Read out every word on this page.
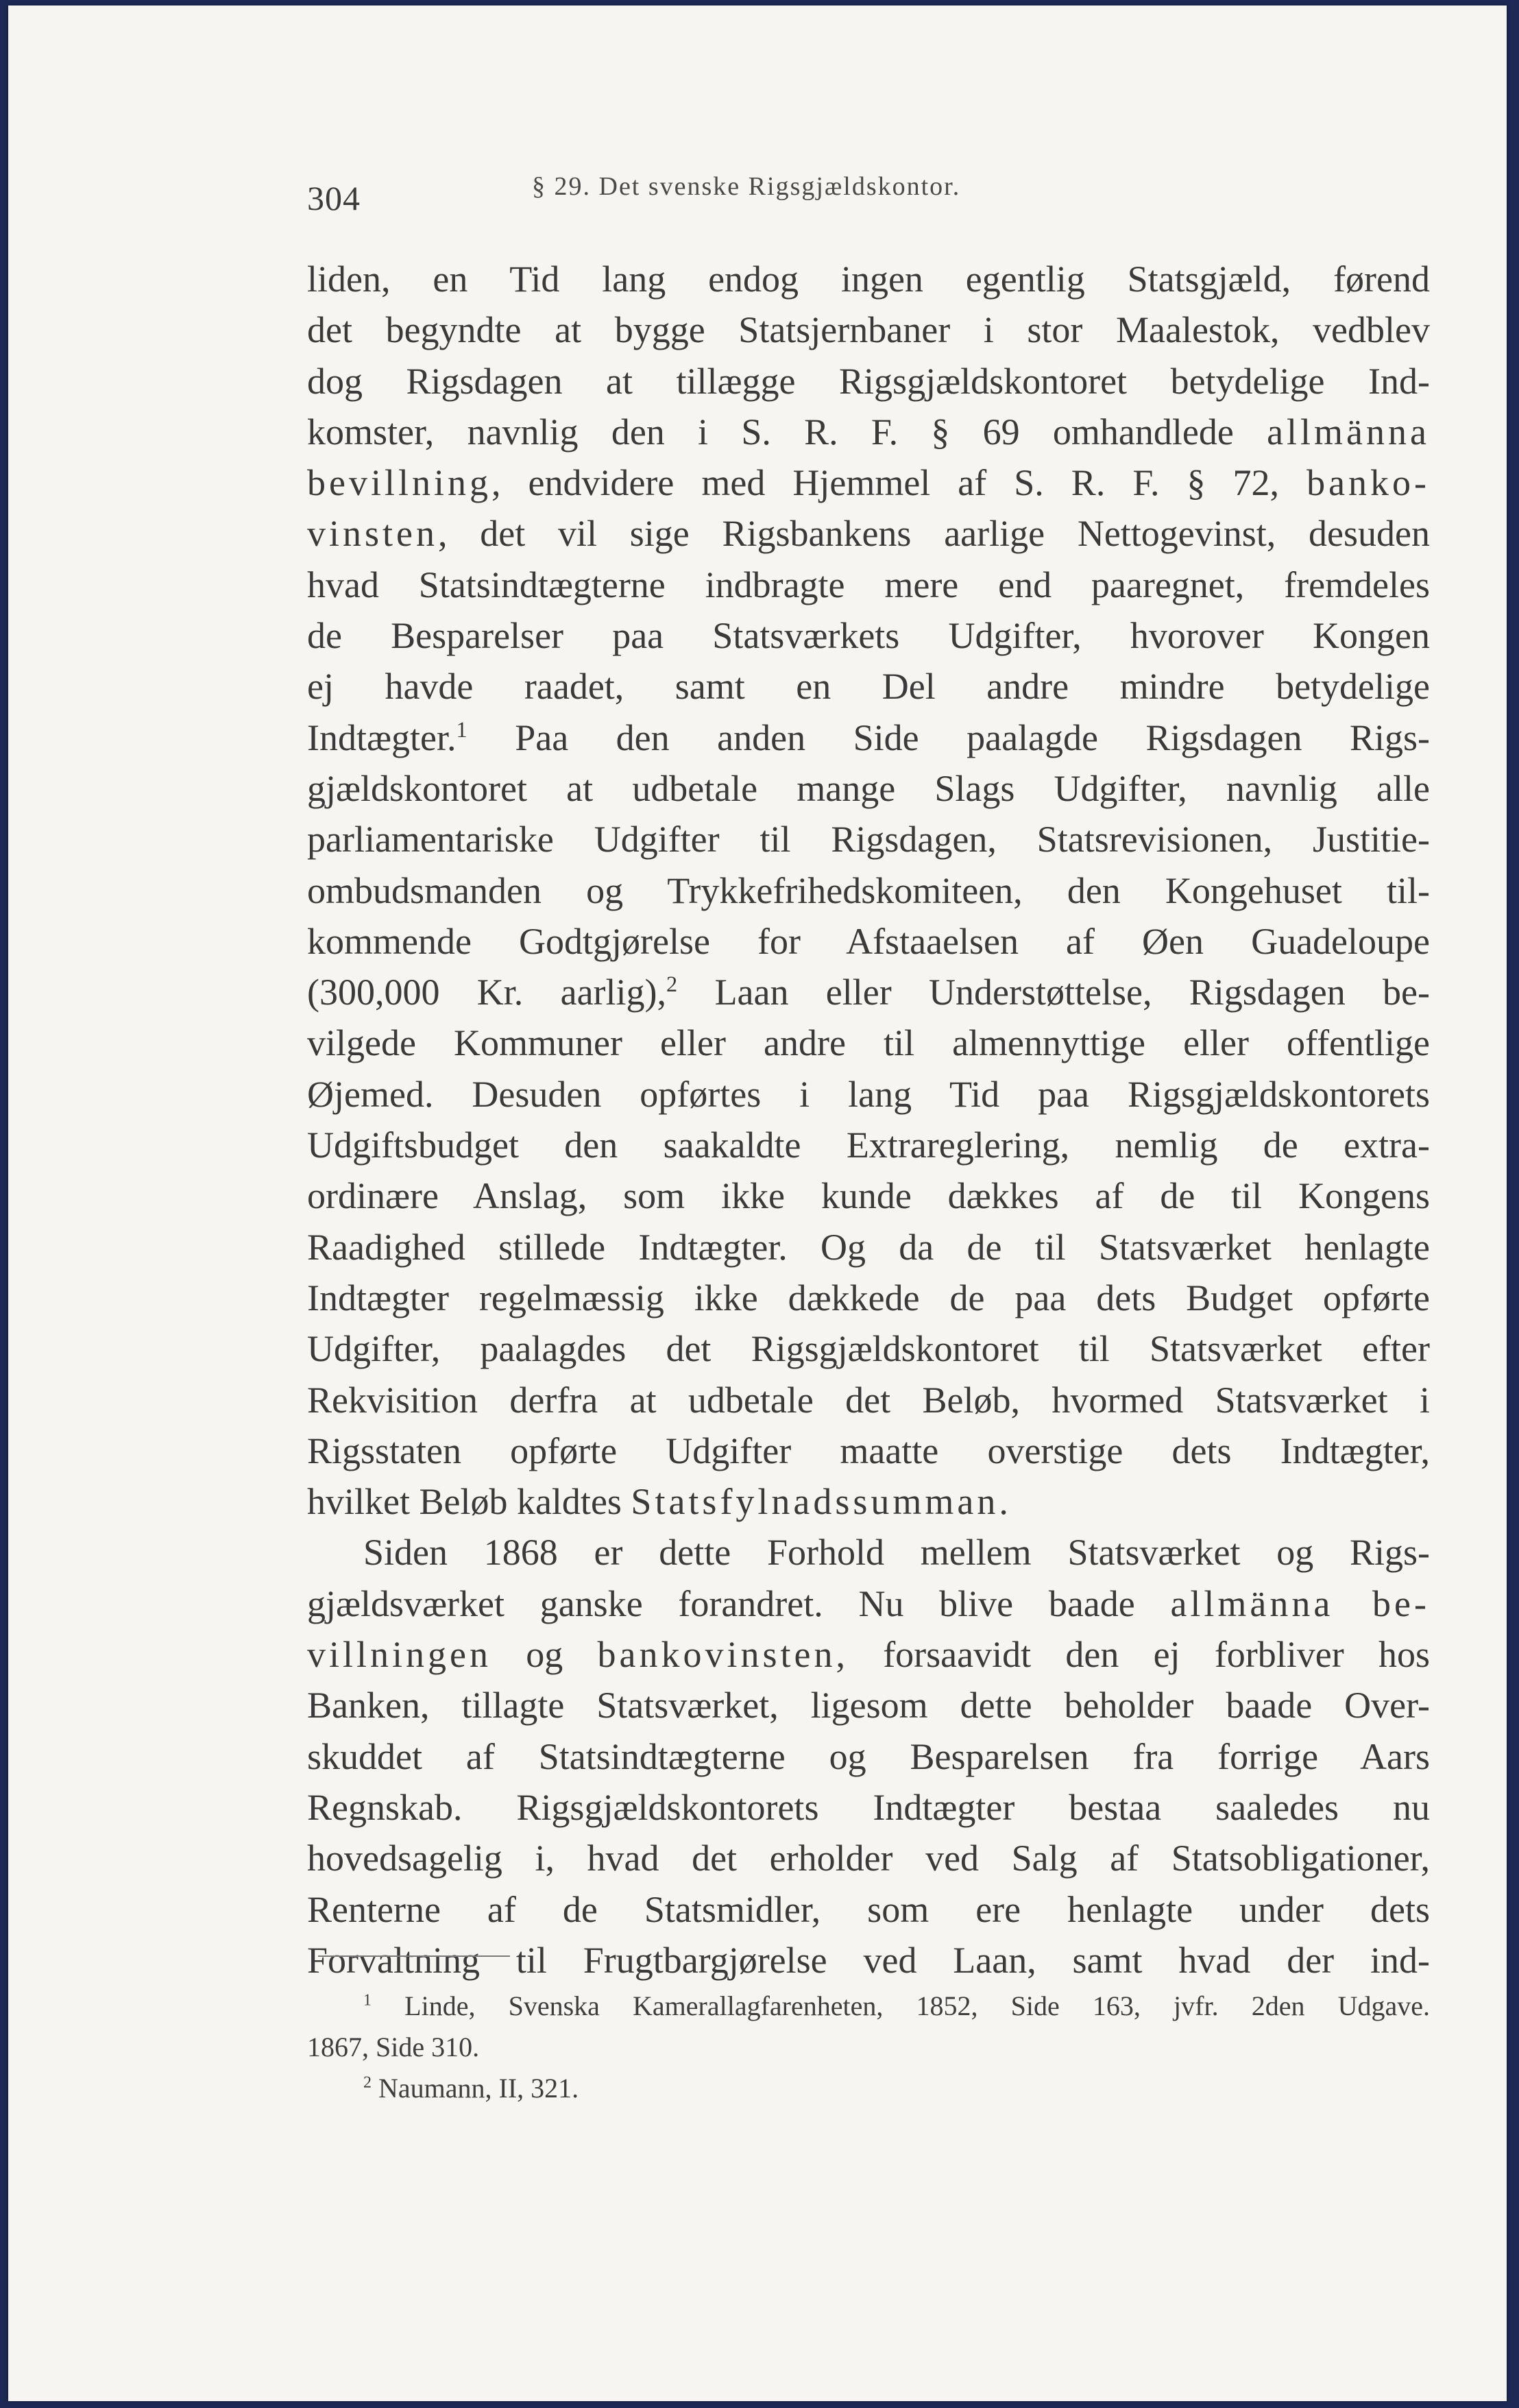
304	§ 29. Det svenske Rigsgjældskontor.
liden, en Tid lang endog ingen egentlig Statsgjæld, førend
det begyndte at bygge Statsjernbaner i stor Maalestok, vedblev
dog Rigsdagen at tillægge Rigsgjældskontoret betydelige Ind-
komster, navnlig den i S. R. F. § 69 omhandlede allmänna
bevillning, endvidere med Hjemmel af S. R. F. § 72, banko-
vinsten, det vil sige Rigsbankens aarlige Nettogevinst, desuden
hvad Statsindtægterne indbragte mere end paaregnet, fremdeles
de Besparelser paa Statsværkets Udgifter, hvorover Kongen
ej havde raadet, samt en Del andre mindre betydelige
Indtægter.$^1$ Paa den anden Side paalagde Rigsdagen Rigs-
gjældskontoret at udbetale mange Slags Udgifter, navnlig alle
parliamentariske Udgifter til Rigsdagen, Statsrevisionen, Justitie-
ombudsmanden og Trykkefrihedskomiteen, den Kongehuset til-
kommende Godtgjørelse for Afstaaelsen af Øen Guadeloupe
(300,000 Kr. aarlig),$^2$ Laan eller Understøttelse, Rigsdagen be-
vilgede Kommuner eller andre til almennyttige eller offentlige
Øjemed. Desuden opførtes i lang Tid paa Rigsgjældskontorets
Udgiftsbudget den saakaldte Extrareglering, nemlig de extra-
ordinære Anslag, som ikke kunde dækkes af de til Kongens
Raadighed stillede Indtægter. Og da de til Statsværket henlagte
Indtægter regelmæssig ikke dækkede de paa dets Budget opførte
Udgifter, paalagdes det Rigsgjældskontoret til Statsværket efter
Rekvisition derfra at udbetale det Beløb, hvormed Statsværket i
Rigsstaten opførte Udgifter maatte overstige dets Indtægter,
hvilket Beløb kaldtes Statsfylnadssumman.
Siden 1868 er dette Forhold mellem Statsværket og Rigs-
gjældsværket ganske forandret. Nu blive baade allmänna be-
villningen og bankovinsten, forsaavidt den ej forbliver hos
Banken, tillagte Statsværket, ligesom dette beholder baade Over-
skuddet af Statsindtægterne og Besparelsen fra forrige Aars
Regnskab. Rigsgjældskontorets Indtægter bestaa saaledes nu
hovedsagelig i, hvad det erholder ved Salg af Statsobligationer,
Renterne af de Statsmidler, som ere henlagte under dets
Forvaltning til Frugtbargjørelse ved Laan, samt hvad der ind-
$^1$ Linde, Svenska Kamerallagfarenheten, 1852, Side 163, jvfr. 2den Udgave.
1867, Side 310.
$^2$ Naumann, II, 321.
